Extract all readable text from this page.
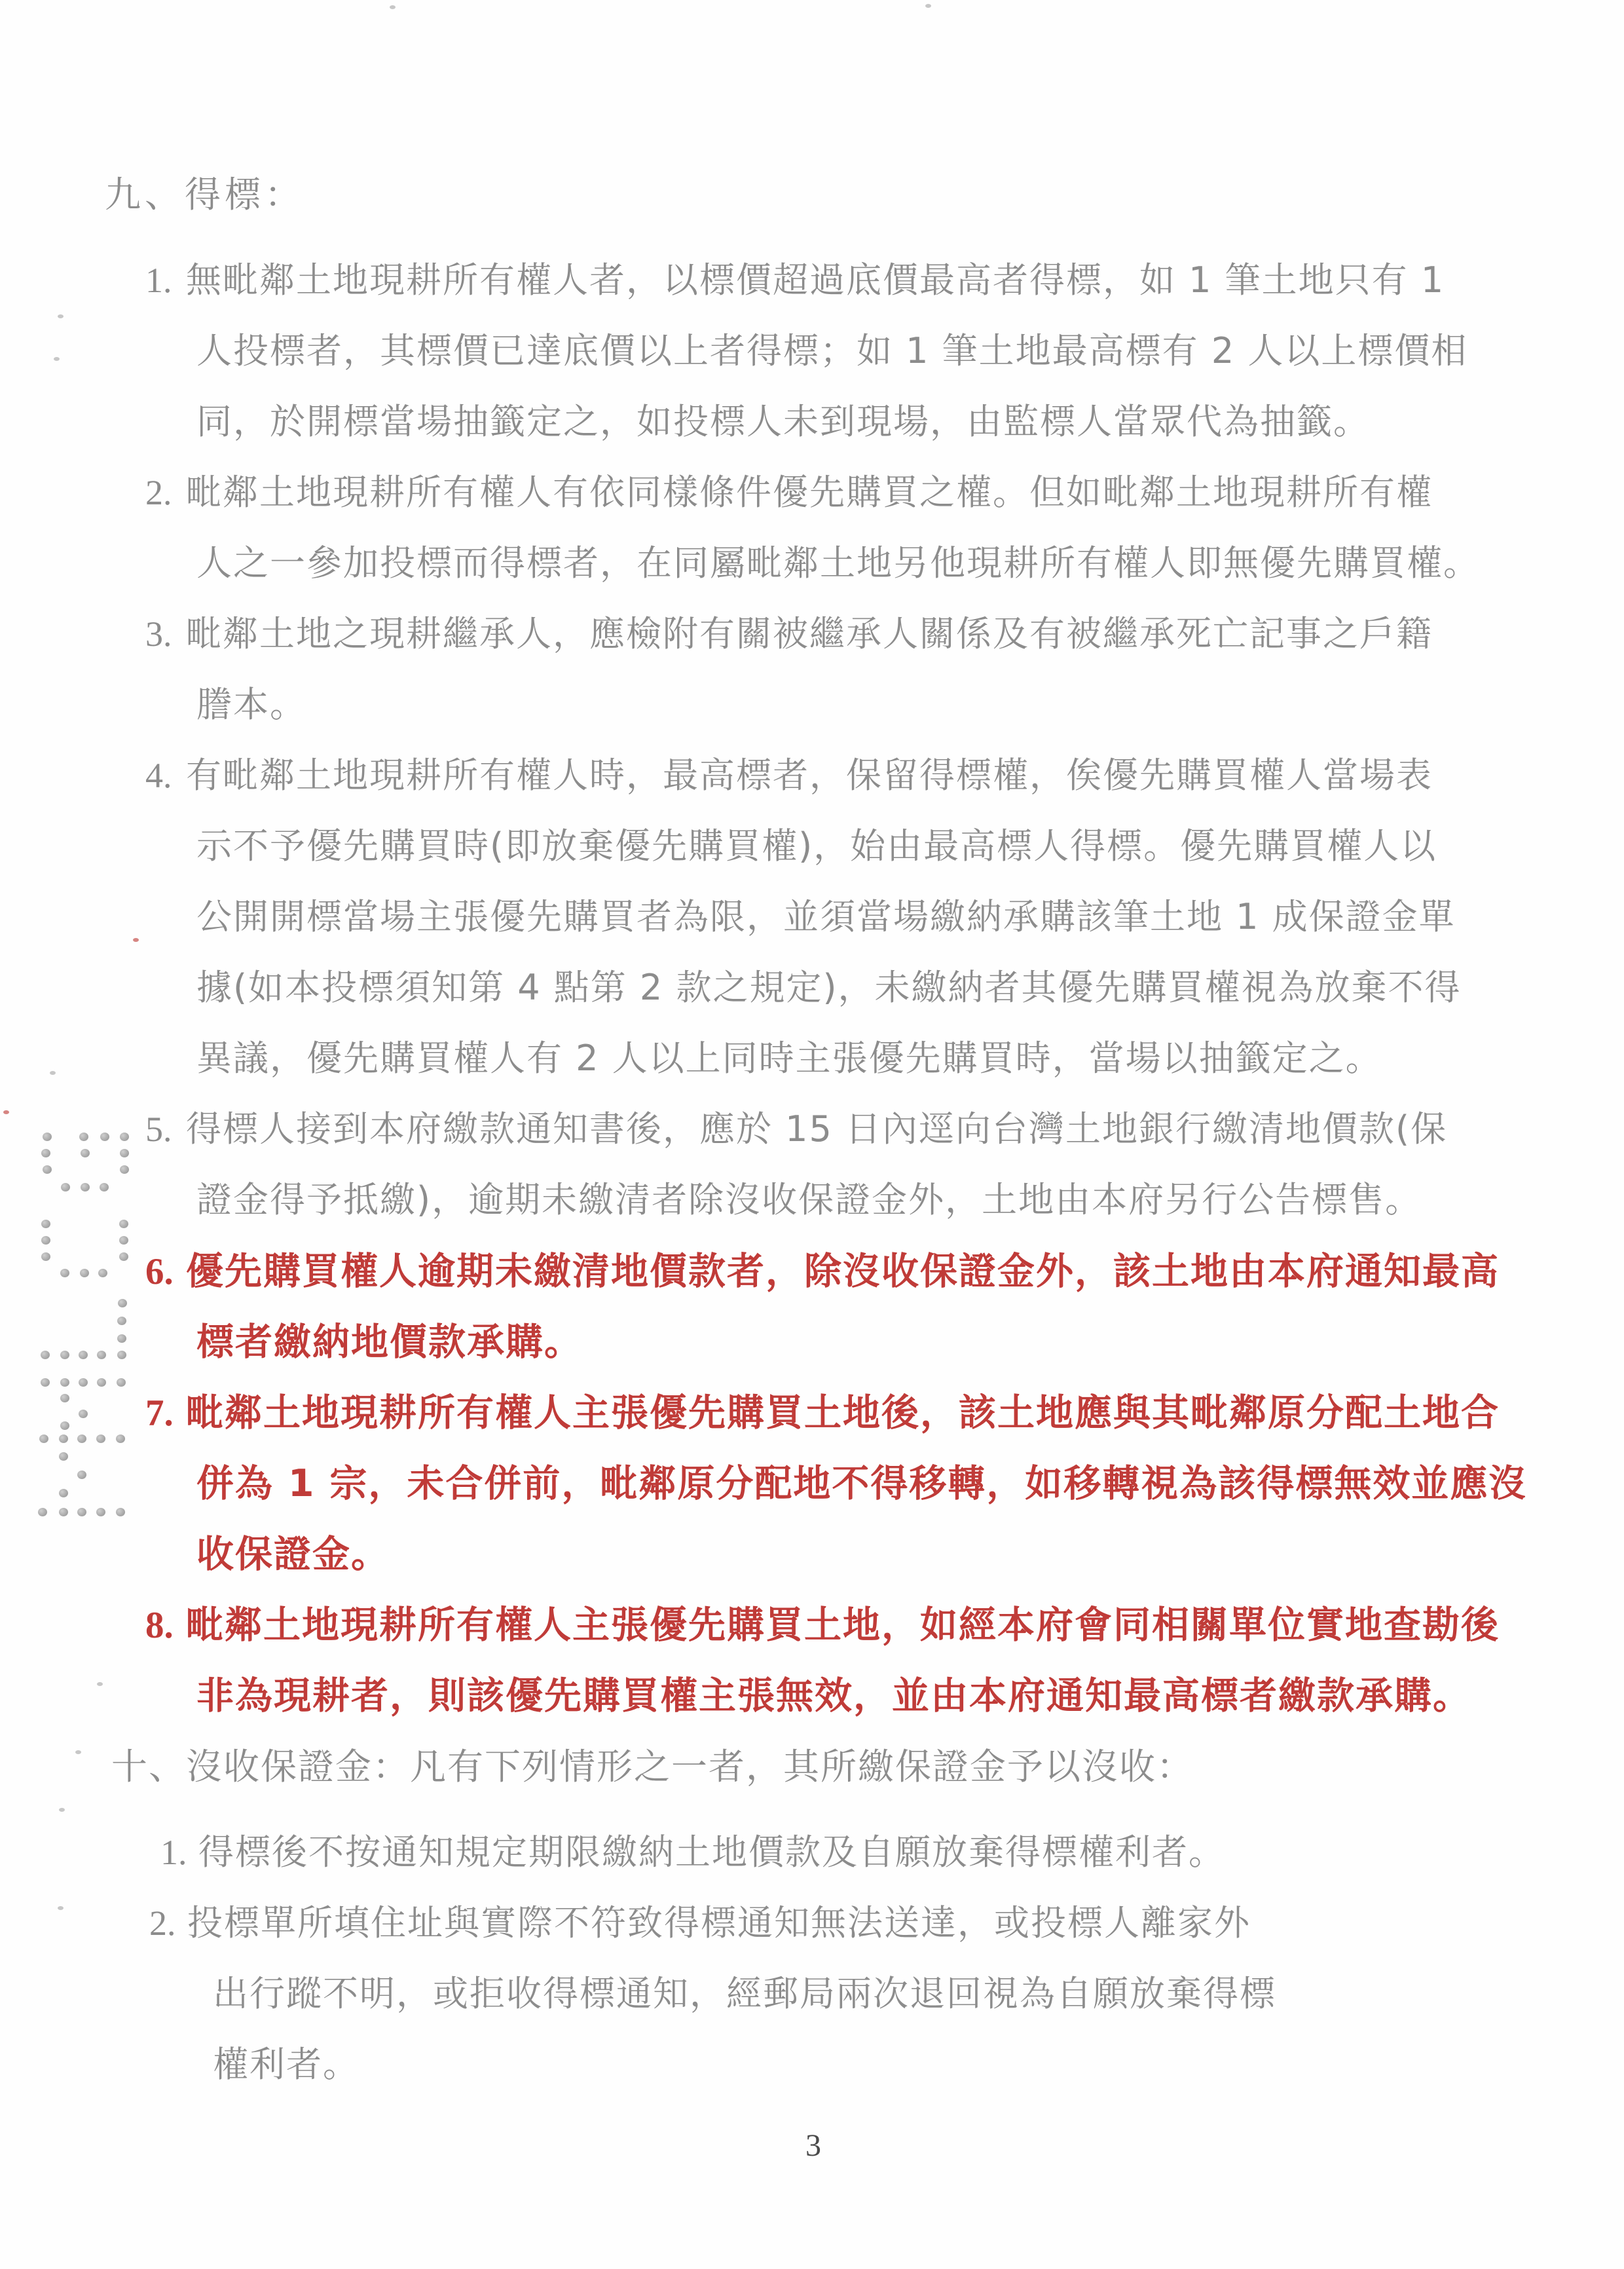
九、得標：
1. 無毗鄰土地現耕所有權人者，以標價超過底價最高者得標，如 1 筆土地只有 1
人投標者，其標價已達底價以上者得標；如 1 筆土地最高標有 2 人以上標價相
同，於開標當場抽籤定之，如投標人未到現場，由監標人當眾代為抽籤。
2. 毗鄰土地現耕所有權人有依同樣條件優先購買之權。但如毗鄰土地現耕所有權
人之一參加投標而得標者，在同屬毗鄰土地另他現耕所有權人即無優先購買權。
3. 毗鄰土地之現耕繼承人，應檢附有關被繼承人關係及有被繼承死亡記事之戶籍
謄本。
4. 有毗鄰土地現耕所有權人時，最高標者，保留得標權，俟優先購買權人當場表
示不予優先購買時(即放棄優先購買權)，始由最高標人得標。優先購買權人以
公開開標當場主張優先購買者為限，並須當場繳納承購該筆土地 1 成保證金單
據(如本投標須知第 4 點第 2 款之規定)，未繳納者其優先購買權視為放棄不得
異議，優先購買權人有 2 人以上同時主張優先購買時，當場以抽籤定之。
5. 得標人接到本府繳款通知書後，應於 15 日內逕向台灣土地銀行繳清地價款(保
證金得予抵繳)，逾期未繳清者除沒收保證金外，土地由本府另行公告標售。
6. 優先購買權人逾期未繳清地價款者，除沒收保證金外，該土地由本府通知最高
標者繳納地價款承購。
7. 毗鄰土地現耕所有權人主張優先購買土地後，該土地應與其毗鄰原分配土地合
併為 1 宗，未合併前，毗鄰原分配地不得移轉，如移轉視為該得標無效並應沒
收保證金。
8. 毗鄰土地現耕所有權人主張優先購買土地，如經本府會同相關單位實地查勘後
非為現耕者，則該優先購買權主張無效，並由本府通知最高標者繳款承購。
十、沒收保證金：凡有下列情形之一者，其所繳保證金予以沒收：
1. 得標後不按通知規定期限繳納土地價款及自願放棄得標權利者。
2. 投標單所填住址與實際不符致得標通知無法送達，或投標人離家外
出行蹤不明，或拒收得標通知，經郵局兩次退回視為自願放棄得標
權利者。
3
